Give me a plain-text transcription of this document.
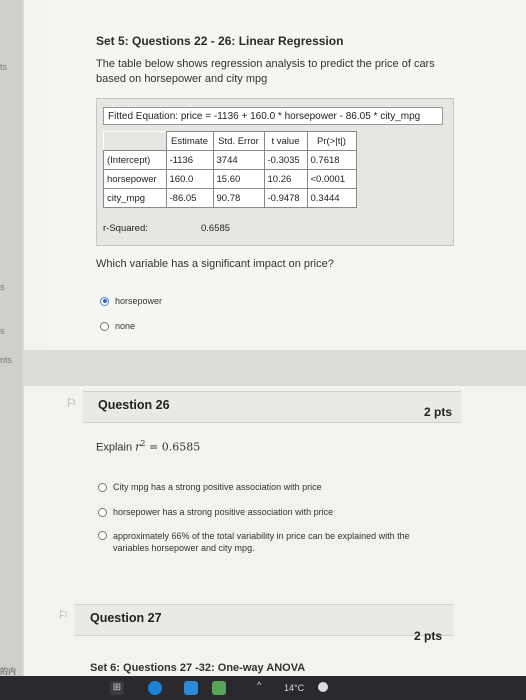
ts
s
s
nts
的内
Set 5: Questions 22 - 26: Linear Regression
The table below shows regression analysis to predict the price of cars based on horsepower and city mpg
Fitted Equation: price = -1136 + 160.0 * horsepower - 86.05 * city_mpg
	Estimate	Std. Error	t value	Pr(>|t|)
(Intercept)	-1136	3744	-0.3035	0.7618
horsepower	160.0	15.60	10.26	<0.0001
city_mpg	-86.05	90.78	-0.9478	0.3444
r-Squared:	0.6585
Which variable has a significant impact on price?
horsepower
none
⚐ Question 26	2 pts
Explain $r^2 = 0.6585$
City mpg has a strong positive association with price
horsepower has a strong positive association with price
approximately 66% of the total variability in price can be explained with the variables horsepower and city mpg.
⚐ Question 27
2 pts
Set 6: Questions 27 -32: One-way ANOVA
⊞	^	14°C
